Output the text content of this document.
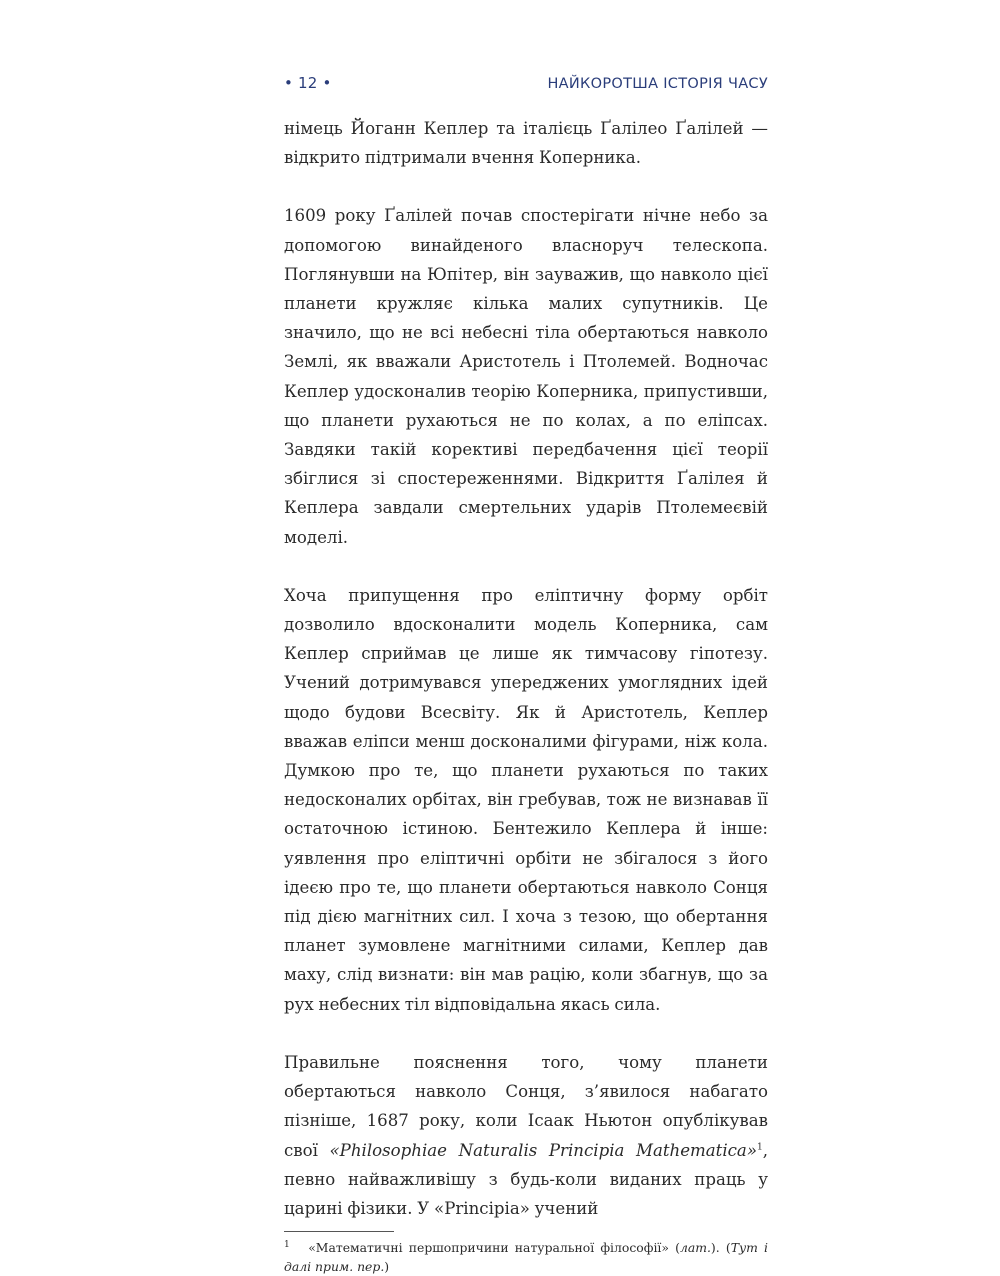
• 12 •	НАЙКОРОТША ІСТОРІЯ ЧАСУ

німець Йоганн Кеплер та італієць Ґалілео Ґалілей — відкрито підтримали вчення Коперника.

1609 року Ґалілей почав спостерігати нічне небо за допомогою винайденого власноруч телескопа. Поглянувши на Юпітер, він зауважив, що навколо цієї планети кружляє кілька малих супутників. Це значило, що не всі небесні тіла обертаються навколо Землі, як вважали Аристотель і Птолемей. Водночас Кеплер удосконалив теорію Коперника, припустивши, що планети рухаються не по колах, а по еліпсах. Завдяки такій корективі передбачення цієї теорії збіглися зі спостереженнями. Відкриття Ґалілея й Кеплера завдали смертельних ударів Птолемеєвій моделі.

Хоча припущення про еліптичну форму орбіт дозволило вдосконалити модель Коперника, сам Кеплер сприймав це лише як тимчасову гіпотезу. Учений дотримувався упереджених умоглядних ідей щодо будови Всесвіту. Як й Аристотель, Кеплер вважав еліпси менш досконалими фігурами, ніж кола. Думкою про те, що планети рухаються по таких недосконалих орбітах, він гребував, тож не визнавав її остаточною істиною. Бентежило Кеплера й інше: уявлення про еліптичні орбіти не збігалося з його ідеєю про те, що планети обертаються навколо Сонця під дією магнітних сил. І хоча з тезою, що обертання планет зумовлене магнітними силами, Кеплер дав маху, слід визнати: він мав рацію, коли збагнув, що за рух небесних тіл відповідальна якась сила.

Правильне пояснення того, чому планети обертаються навколо Сонця, з’явилося набагато пізніше, 1687 року, коли Ісаак Ньютон опублікував свої «Philosophiae Naturalis Principia Mathematica»$^1$, певно найважливішу з будь-коли виданих праць у царині фізики. У «Principia» учений

$^1$ «Математичні першопричини натуральної філософії» (лат.). (Тут і далі прим. пер.)
